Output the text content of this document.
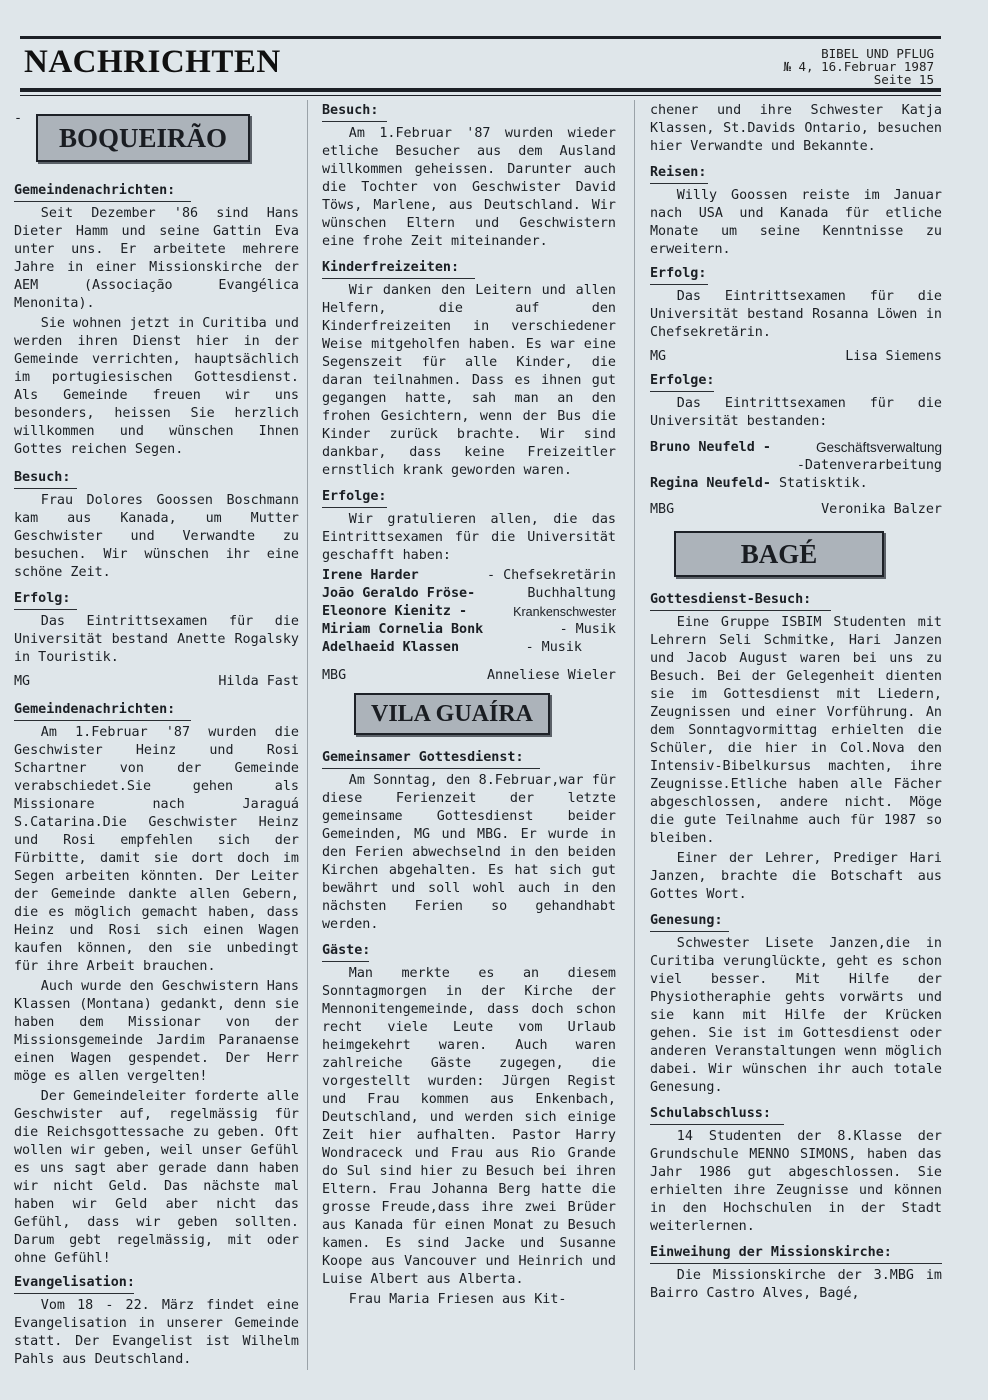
NACHRICHTEN	BIBEL UND PFLUG
№ 4, 16.Februar 1987
Seite 15
-
BOQUEIRÃO
Gemeindenachrichten:
Seit Dezember '86 sind Hans Dieter Hamm und seine Gattin Eva unter uns. Er arbeitete mehrere Jahre in einer Missionskirche der AEM (Associação Evangélica Menonita).
Sie wohnen jetzt in Curitiba und werden ihren Dienst hier in der Gemeinde verrichten, hauptsächlich im portugiesischen Gottesdienst. Als Gemeinde freuen wir uns besonders, heissen Sie herzlich willkommen und wünschen Ihnen Gottes reichen Segen.
Besuch:
Frau Dolores Goossen Boschmann kam aus Kanada, um Mutter Geschwister und Verwandte zu besuchen. Wir wünschen ihr eine schöne Zeit.
Erfolg:
Das Eintrittsexamen für die Universität bestand Anette Rogalsky in Touristik.
MG	Hilda Fast
Gemeindenachrichten:
Am 1.Februar '87 wurden die Geschwister Heinz und Rosi Schartner von der Gemeinde verabschiedet.Sie gehen als Missionare nach Jaraguá S.Catarina.Die Geschwister Heinz und Rosi empfehlen sich der Fürbitte, damit sie dort doch im Segen arbeiten könnten. Der Leiter der Gemeinde dankte allen Gebern, die es möglich gemacht haben, dass Heinz und Rosi sich einen Wagen kaufen können, den sie unbedingt für ihre Arbeit brauchen.
Auch wurde den Geschwistern Hans Klassen (Montana) gedankt, denn sie haben dem Missionar von der Missionsgemeinde Jardim Paranaense einen Wagen gespendet. Der Herr möge es allen vergelten!
Der Gemeindeleiter forderte alle Geschwister auf, regelmässig für die Reichsgottessache zu geben. Oft wollen wir geben, weil unser Gefühl es uns sagt aber gerade dann haben wir nicht Geld. Das nächste mal haben wir Geld aber nicht das Gefühl, dass wir geben sollten. Darum gebt regelmässig, mit oder ohne Gefühl!
Evangelisation:
Vom 18 - 22. März findet eine Evangelisation in unserer Gemeinde statt. Der Evangelist ist Wilhelm Pahls aus Deutschland.
Besuch:
Am 1.Februar '87 wurden wieder etliche Besucher aus dem Ausland willkommen geheissen. Darunter auch die Tochter von Geschwister David Töws, Marlene, aus Deutschland. Wir wünschen Eltern und Geschwistern eine frohe Zeit miteinander.
Kinderfreizeiten:
Wir danken den Leitern und allen Helfern, die auf den Kinderfreizeiten in verschiedener Weise mitgeholfen haben. Es war eine Segenszeit für alle Kinder, die daran teilnahmen. Dass es ihnen gut gegangen hatte, sah man an den frohen Gesichtern, wenn der Bus die Kinder zurück brachte. Wir sind dankbar, dass keine Freizeitler ernstlich krank geworden waren.
Erfolge:
Wir gratulieren allen, die das Eintrittsexamen für die Universität geschafft haben:
Irene Harder	- Chefsekretärin
João Geraldo Fröse-	Buchhaltung
Eleonore Kienitz -	Krankenschwester
Miriam Cornelia Bonk	- Musik
Adelhaeid Klassen	- Musik
MBG	Anneliese Wieler
VILA GUAÍRA
Gemeinsamer Gottesdienst:
Am Sonntag, den 8.Februar,war für diese Ferienzeit der letzte gemeinsame Gottesdienst beider Gemeinden, MG und MBG. Er wurde in den Ferien abwechselnd in den beiden Kirchen abgehalten. Es hat sich gut bewährt und soll wohl auch in den nächsten Ferien so gehandhabt werden.
Gäste:
Man merkte es an diesem Sonntagmorgen in der Kirche der Mennonitengemeinde, dass doch schon recht viele Leute vom Urlaub heimgekehrt waren. Auch waren zahlreiche Gäste zugegen, die vorgestellt wurden: Jürgen Regist und Frau kommen aus Enkenbach, Deutschland, und werden sich einige Zeit hier aufhalten. Pastor Harry Wondraceck und Frau aus Rio Grande do Sul sind hier zu Besuch bei ihren Eltern. Frau Johanna Berg hatte die grosse Freude,dass ihre zwei Brüder aus Kanada für einen Monat zu Besuch kamen. Es sind Jacke und Susanne Koope aus Vancouver und Heinrich und Luise Albert aus Alberta.
Frau Maria Friesen aus Kit-
chener und ihre Schwester Katja Klassen, St.Davids Ontario, besuchen hier Verwandte und Bekannte.
Reisen:
Willy Goossen reiste im Januar nach USA und Kanada für etliche Monate um seine Kenntnisse zu erweitern.
Erfolg:
Das Eintrittsexamen für die Universität bestand Rosanna Löwen in Chefsekretärin.
MG	Lisa Siemens
Erfolge:
Das Eintrittsexamen für die Universität bestanden:
Bruno Neufeld -	Geschäftsverwaltung
-Datenverarbeitung
Regina Neufeld- Statisktik.
MBG	Veronika Balzer
BAGÉ
Gottesdienst-Besuch:
Eine Gruppe ISBIM Studenten mit Lehrern Seli Schmitke, Hari Janzen und Jacob August waren bei uns zu Besuch. Bei der Gelegenheit dienten sie im Gottesdienst mit Liedern, Zeugnissen und einer Vorführung. An dem Sonntagvormittag erhielten die Schüler, die hier in Col.Nova den Intensiv-Bibelkursus machten, ihre Zeugnisse.Etliche haben alle Fächer abgeschlossen, andere nicht. Möge die gute Teilnahme auch für 1987 so bleiben.
Einer der Lehrer, Prediger Hari Janzen, brachte die Botschaft aus Gottes Wort.
Genesung:
Schwester Lisete Janzen,die in Curitiba verunglückte, geht es schon viel besser. Mit Hilfe der Physiotheraphie gehts vorwärts und sie kann mit Hilfe der Krücken gehen. Sie ist im Gottesdienst oder anderen Veranstaltungen wenn möglich dabei. Wir wünschen ihr auch totale Genesung.
Schulabschluss:
14 Studenten der 8.Klasse der Grundschule MENNO SIMONS, haben das Jahr 1986 gut abgeschlossen. Sie erhielten ihre Zeugnisse und können in den Hochschulen in der Stadt weiterlernen.
Einweihung der Missionskirche:
Die Missionskirche der 3.MBG im Bairro Castro Alves, Bagé,
